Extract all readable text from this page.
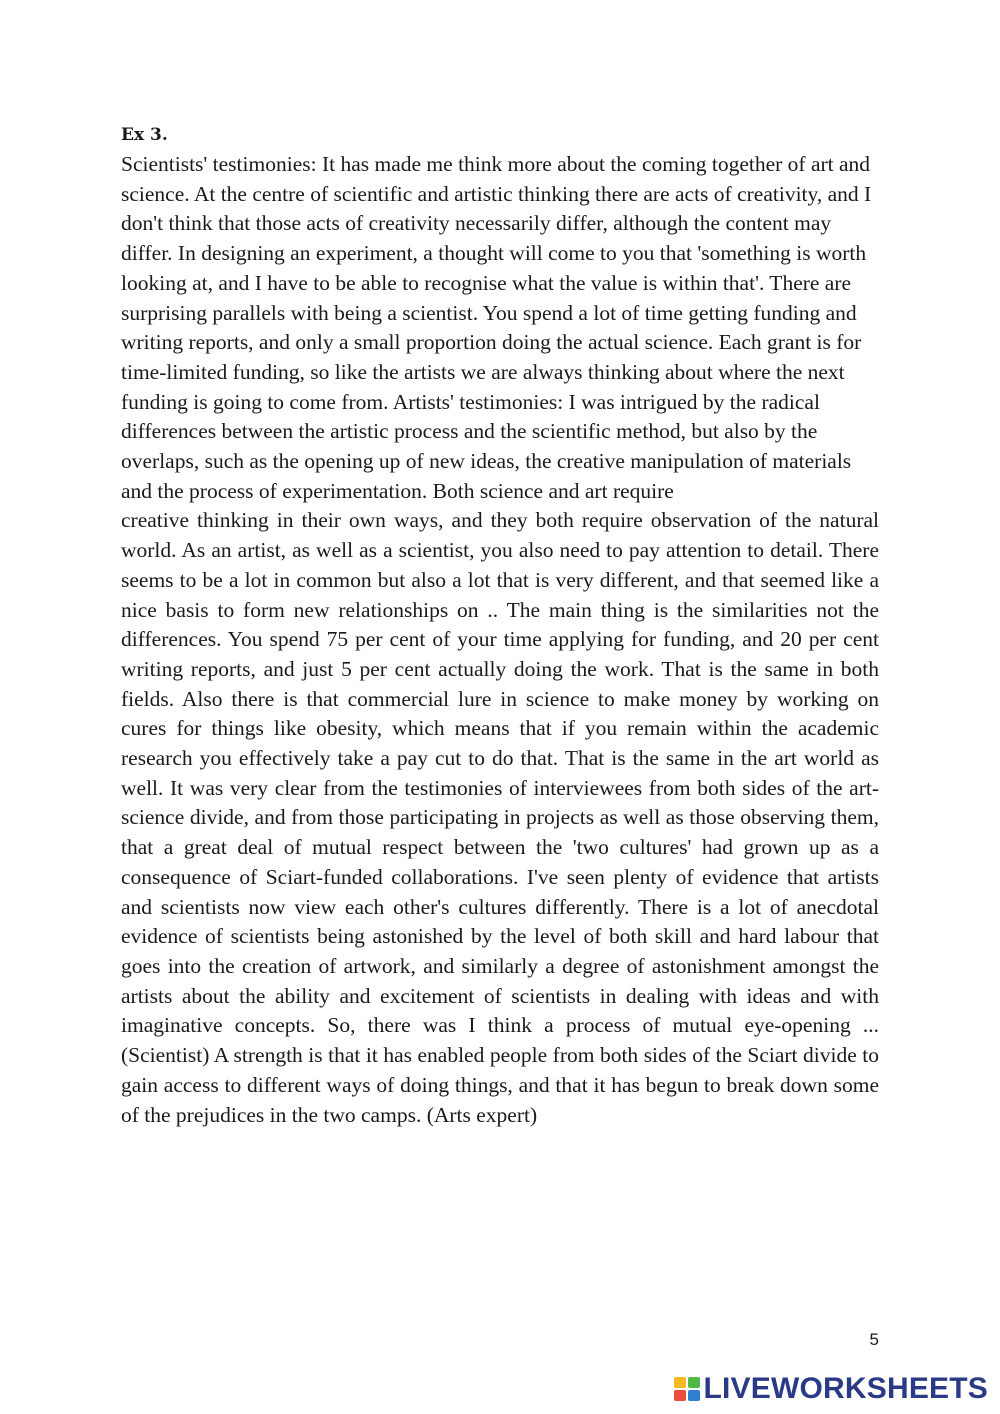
Ex 3.

Scientists' testimonies: It has made me think more about the coming together of art and science. At the centre of scientific and artistic thinking there are acts of creativity, and I don't think that those acts of creativity necessarily differ, although the content may differ. In designing an experiment, a thought will come to you that 'something is worth looking at, and I have to be able to recognise what the value is within that'. There are surprising parallels with being a scientist. You spend a lot of time getting funding and writing reports, and only a small proportion doing the actual science. Each grant is for time-limited funding, so like the artists we are always thinking about where the next funding is going to come from. Artists' testimonies: I was intrigued by the radical differences between the artistic process and the scientific method, but also by the overlaps, such as the opening up of new ideas, the creative manipulation of materials and the process of experimentation. Both science and art require

creative thinking in their own ways, and they both require observation of the natural world. As an artist, as well as a scientist, you also need to pay attention to detail. There seems to be a lot in common but also a lot that is very different, and that seemed like a nice basis to form new relationships on .. The main thing is the similarities not the differences. You spend 75 per cent of your time applying for funding, and 20 per cent writing reports, and just 5 per cent actually doing the work. That is the same in both fields. Also there is that commercial lure in science to make money by working on cures for things like obesity, which means that if you remain within the academic research you effectively take a pay cut to do that. That is the same in the art world as well. It was very clear from the testimonies of interviewees from both sides of the art-science divide, and from those participating in projects as well as those observing them, that a great deal of mutual respect between the 'two cultures' had grown up as a consequence of Sciart-funded collaborations. I've seen plenty of evidence that artists and scientists now view each other's cultures differently. There is a lot of anecdotal evidence of scientists being astonished by the level of both skill and hard labour that goes into the creation of artwork, and similarly a degree of astonishment amongst the artists about the ability and excitement of scientists in dealing with ideas and with imaginative concepts. So, there was I think a process of mutual eye-opening ... (Scientist) A strength is that it has enabled people from both sides of the Sciart divide to gain access to different ways of doing things, and that it has begun to break down some of the prejudices in the two camps. (Arts expert)

5
LIVEWORKSHEETS
